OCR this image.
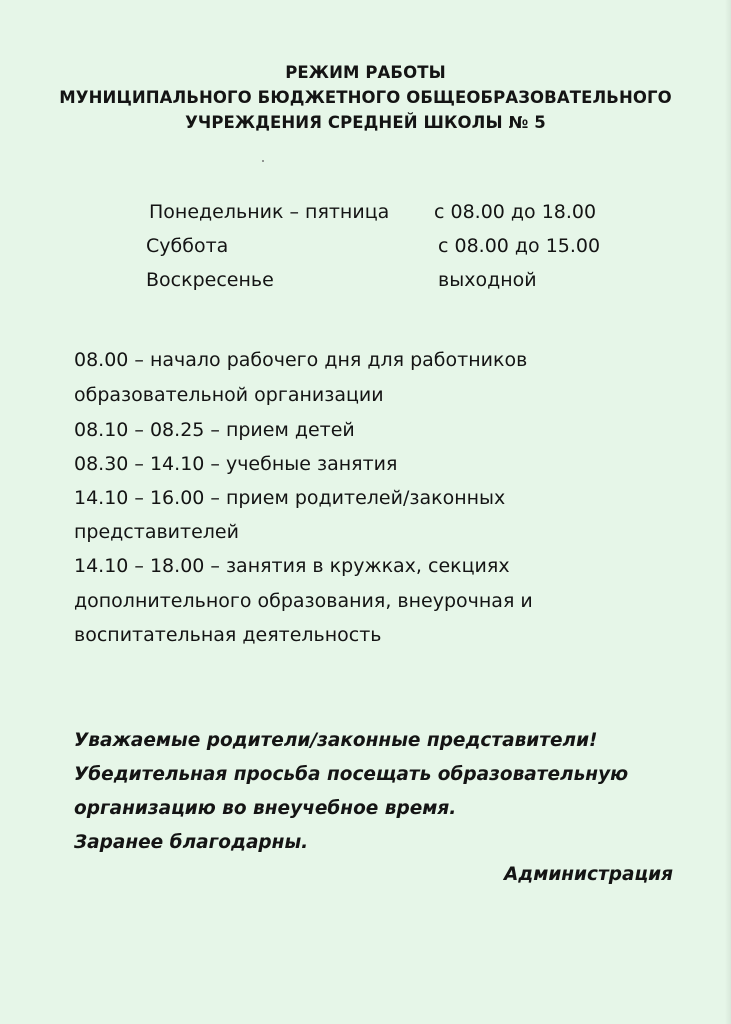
РЕЖИМ РАБОТЫ
МУНИЦИПАЛЬНОГО БЮДЖЕТНОГО ОБЩЕОБРАЗОВАТЕЛЬНОГО
УЧРЕЖДЕНИЯ СРЕДНЕЙ ШКОЛЫ № 5
Понедельник – пятница с 08.00 до 18.00
Суббота	с 08.00 до 15.00
Воскресенье	выходной
08.00 – начало рабочего дня для работников
образовательной организации
08.10 – 08.25 – прием детей
08.30 – 14.10 – учебные занятия
14.10 – 16.00 – прием родителей/законных
представителей
14.10 – 18.00 – занятия в кружках, секциях
дополнительного образования, внеурочная и
воспитательная деятельность
Уважаемые родители/законные представители!
Убедительная просьба посещать образовательную
организацию во внеучебное время.
Заранее благодарны.
Администрация
